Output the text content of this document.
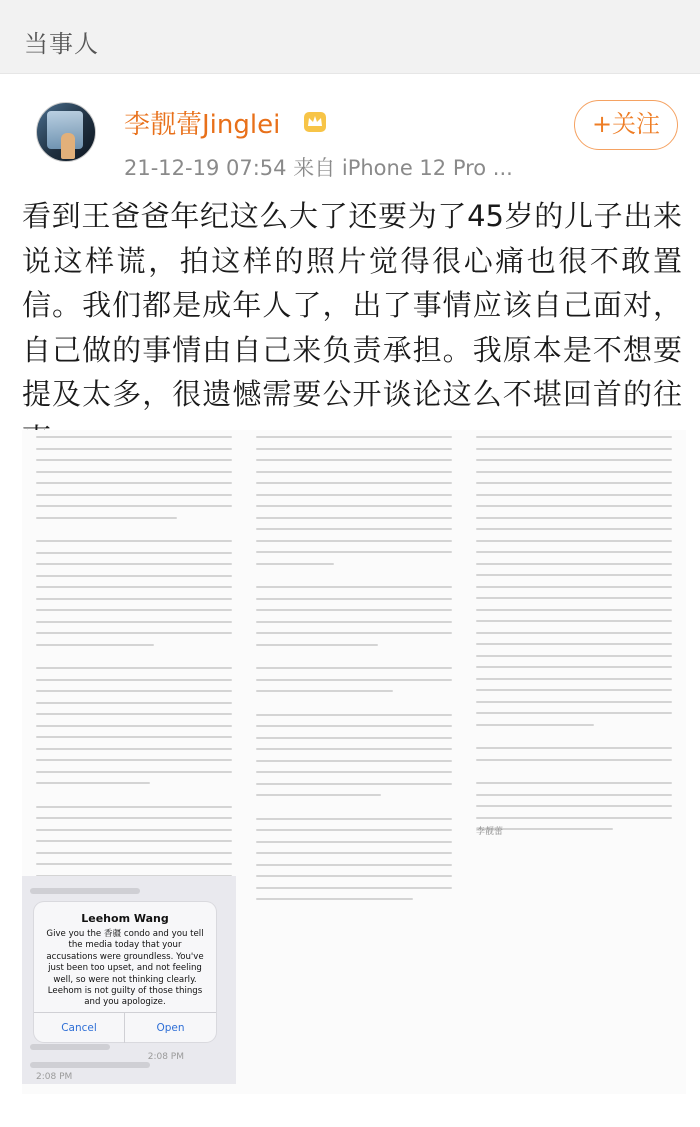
当事人
李靓蕾Jinglei
21-12-19 07:54 来自 iPhone 12 Pro ...
+关注
看到王爸爸年纪这么大了还要为了45岁的儿子出来说这样谎，拍这样的照片觉得很心痛也很不敢置信。我们都是成年人了，出了事情应该自己面对，自己做的事情由自己来负责承担。我原本是不想要提及太多，很遗憾需要公开谈论这么不堪回首的往
李靓蕾
2:08 PM
2:08 PM
Leehom Wang
Give you the 香疆 condo and you tell the media today that your accusations were groundless. You've just been too upset, and not feeling well, so were not thinking clearly. Leehom is not guilty of those things and you apologize.
Cancel	Open
